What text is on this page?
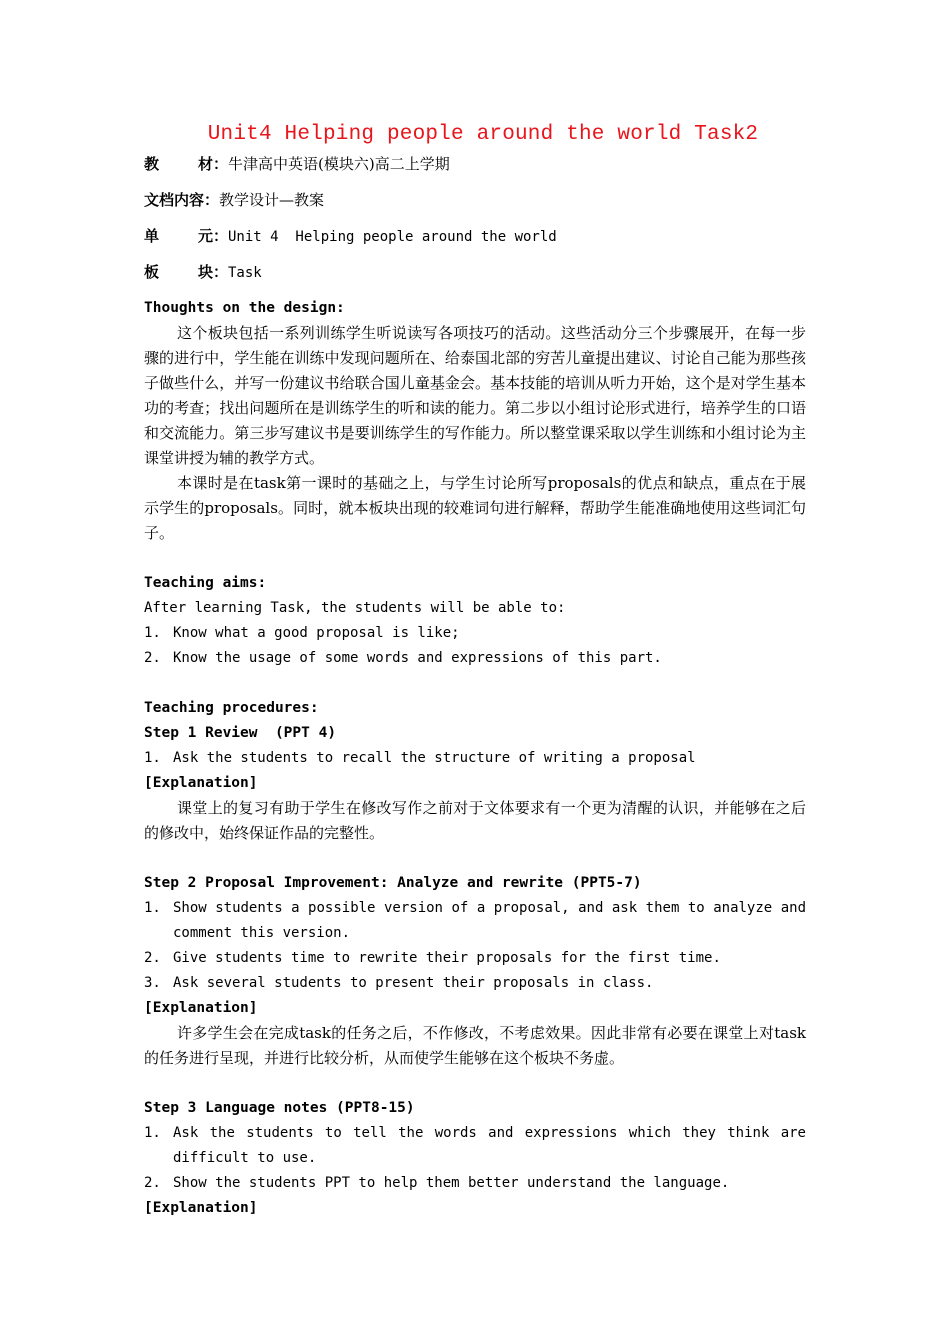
Unit4 Helping people around the world Task2
教	材： 牛津高中英语(模块六)高二上学期
文档内容：教学设计—教案
单	元： Unit 4  Helping people around the world
板	块： Task
Thoughts on the design:
这个板块包括一系列训练学生听说读写各项技巧的活动。这些活动分三个步骤展开，在每一步骤的进行中，学生能在训练中发现问题所在、给泰国北部的穷苦儿童提出建议、讨论自己能为那些孩子做些什么，并写一份建议书给联合国儿童基金会。基本技能的培训从听力开始，这个是对学生基本功的考查；找出问题所在是训练学生的听和读的能力。第二步以小组讨论形式进行，培养学生的口语和交流能力。第三步写建议书是要训练学生的写作能力。所以整堂课采取以学生训练和小组讨论为主课堂讲授为辅的教学方式。
本课时是在task第一课时的基础之上，与学生讨论所写proposals的优点和缺点，重点在于展示学生的proposals。同时，就本板块出现的较难词句进行解释，帮助学生能准确地使用这些词汇句子。
Teaching aims:
After learning Task, the students will be able to:
1. Know what a good proposal is like;
2. Know the usage of some words and expressions of this part.
Teaching procedures:
Step 1 Review  (PPT 4)
1. Ask the students to recall the structure of writing a proposal
[Explanation]
课堂上的复习有助于学生在修改写作之前对于文体要求有一个更为清醒的认识，并能够在之后的修改中，始终保证作品的完整性。
Step 2 Proposal Improvement: Analyze and rewrite (PPT5-7)
1. Show students a possible version of a proposal, and ask them to analyze and comment this version.
2. Give students time to rewrite their proposals for the first time.
3. Ask several students to present their proposals in class.
[Explanation]
许多学生会在完成task的任务之后，不作修改，不考虑效果。因此非常有必要在课堂上对task 的任务进行呈现，并进行比较分析，从而使学生能够在这个板块不务虚。
Step 3 Language notes (PPT8-15)
1. Ask the students to tell the words and expressions which they think are difficult to use.
2. Show the students PPT to help them better understand the language.
[Explanation]
